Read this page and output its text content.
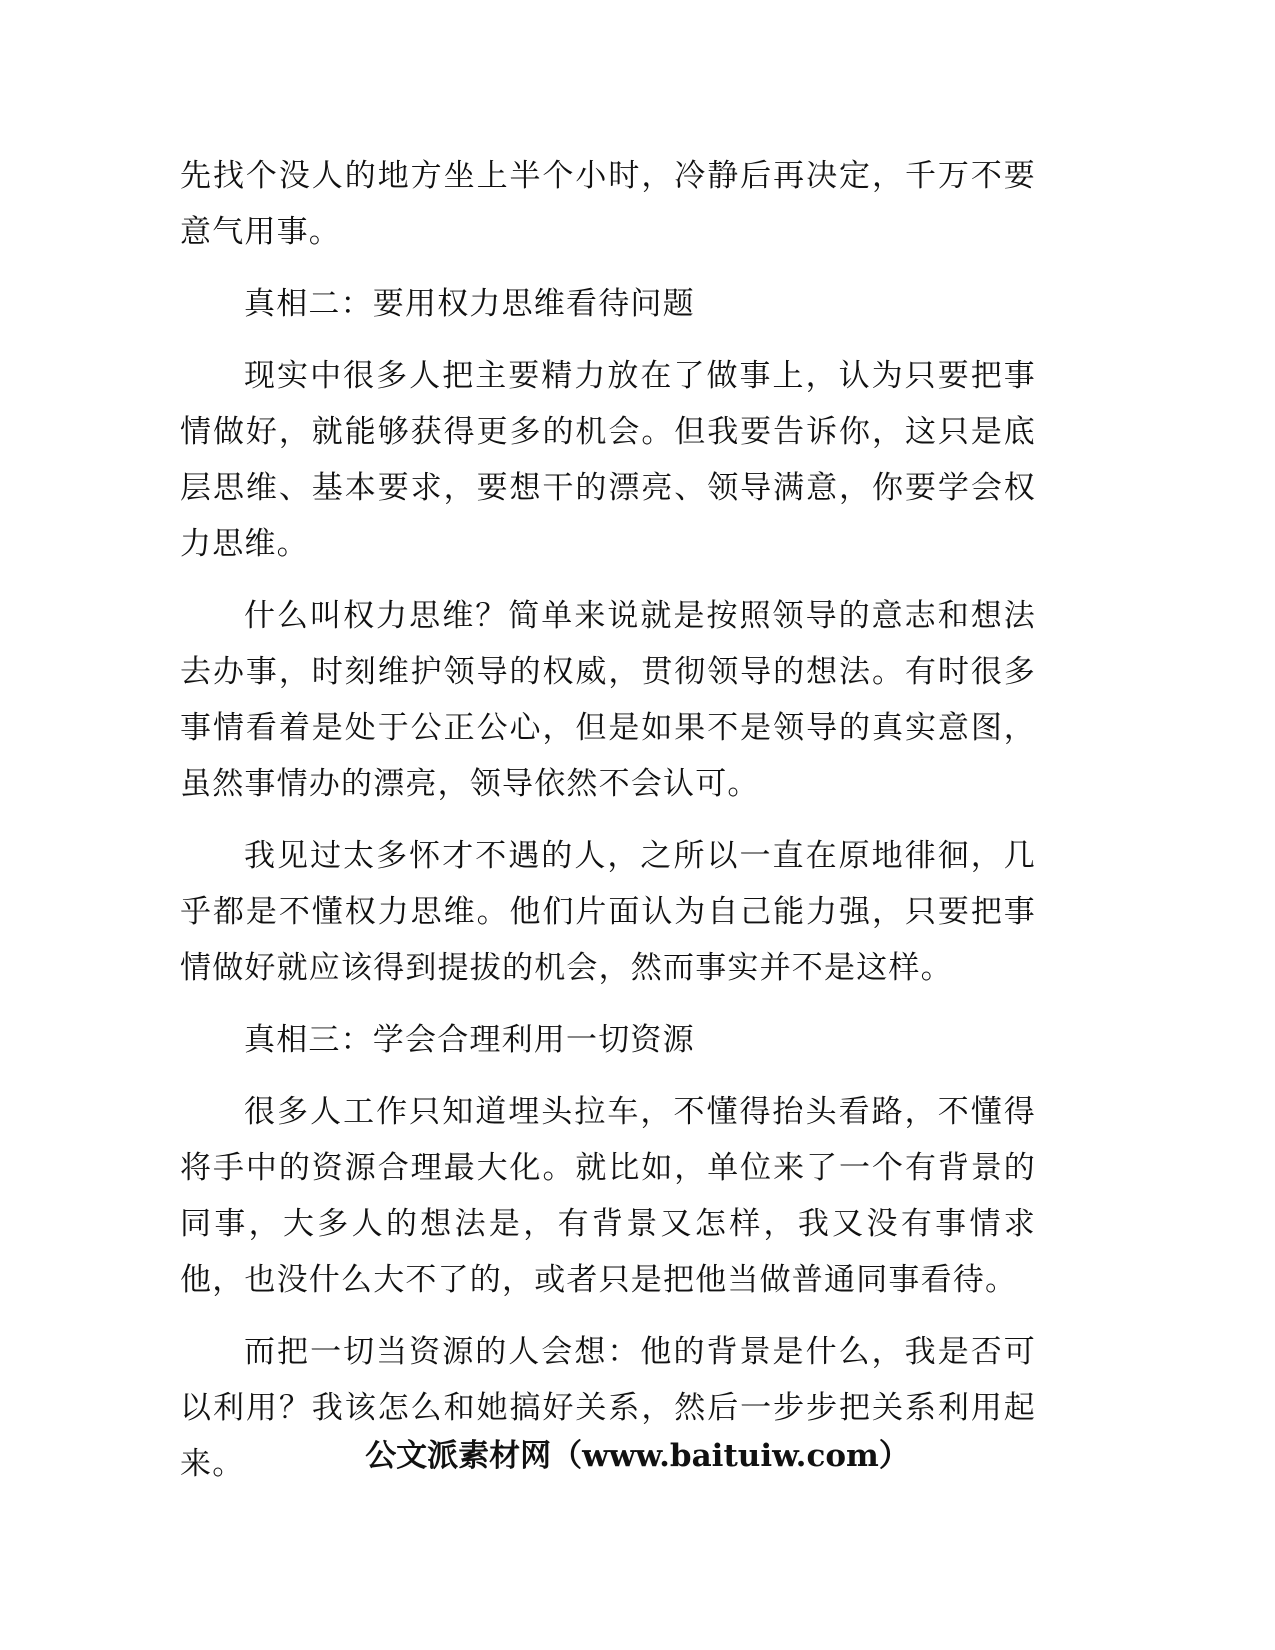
先找个没人的地方坐上半个小时，冷静后再决定，千万不要意气用事。

真相二：要用权力思维看待问题

现实中很多人把主要精力放在了做事上，认为只要把事情做好，就能够获得更多的机会。但我要告诉你，这只是底层思维、基本要求，要想干的漂亮、领导满意，你要学会权力思维。

什么叫权力思维？简单来说就是按照领导的意志和想法去办事，时刻维护领导的权威，贯彻领导的想法。有时很多事情看着是处于公正公心，但是如果不是领导的真实意图，虽然事情办的漂亮，领导依然不会认可。

我见过太多怀才不遇的人，之所以一直在原地徘徊，几乎都是不懂权力思维。他们片面认为自己能力强，只要把事情做好就应该得到提拔的机会，然而事实并不是这样。

真相三：学会合理利用一切资源

很多人工作只知道埋头拉车，不懂得抬头看路，不懂得将手中的资源合理最大化。就比如，单位来了一个有背景的同事，大多人的想法是，有背景又怎样，我又没有事情求他，也没什么大不了的，或者只是把他当做普通同事看待。

而把一切当资源的人会想：他的背景是什么，我是否可以利用？我该怎么和她搞好关系，然后一步步把关系利用起来。	公文派素材网（www.baituiw.com）
